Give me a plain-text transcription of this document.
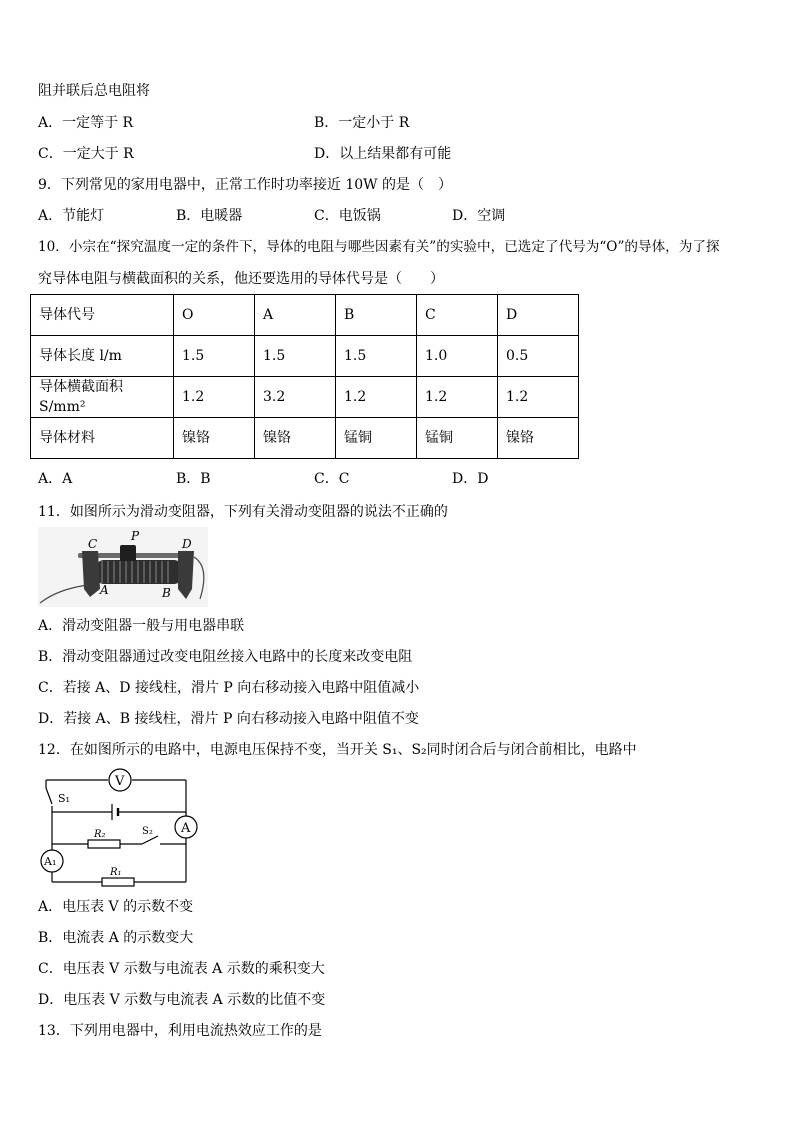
阻并联后总电阻将
A．一定等于 R	B．一定小于 R
C．一定大于 R	D．以上结果都有可能
9．下列常见的家用电器中，正常工作时功率接近 10W 的是（　）
A．节能灯	B．电暖器	C．电饭锅	D．空调
10．小宗在“探究温度一定的条件下，导体的电阻与哪些因素有关”的实验中，已选定了代号为“O”的导体，为了探
究导体电阻与横截面积的关系，他还要选用的导体代号是（　　）
导体代号	O	A	B	C	D
导体长度 l/m	1.5	1.5	1.5	1.0	0.5
导体横截面积 S/mm²	1.2	3.2	1.2	1.2	1.2
导体材料	镍铬	镍铬	锰铜	锰铜	镍铬
A．A	B．B	C．C	D．D
11．如图所示为滑动变阻器，下列有关滑动变阻器的说法不正确的
C
P
D
A	B
A．滑动变阻器一般与用电器串联
B．滑动变阻器通过改变电阻丝接入电路中的长度来改变电阻
C．若接 A、D 接线柱，滑片 P 向右移动接入电路中阻值减小
D．若接 A、B 接线柱，滑片 P 向右移动接入电路中阻值不变
12．在如图所示的电路中，电源电压保持不变，当开关 S₁、S₂同时闭合后与闭合前相比，电路中
V
S₁
A
R₂	S₂
A₁
R₁
A．电压表 V 的示数不变
B．电流表 A 的示数变大
C．电压表 V 示数与电流表 A 示数的乘积变大
D．电压表 V 示数与电流表 A 示数的比值不变
13．下列用电器中，利用电流热效应工作的是
